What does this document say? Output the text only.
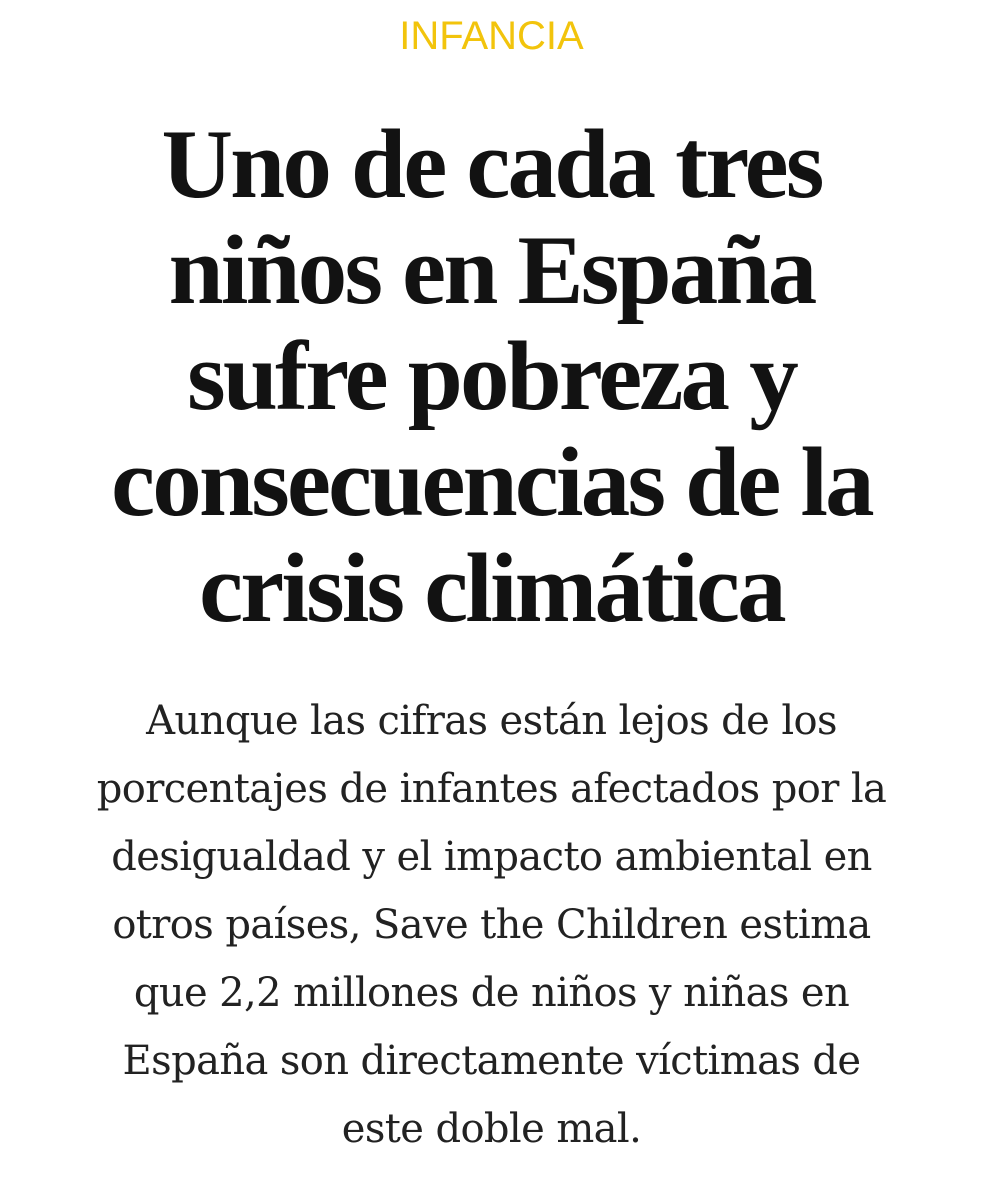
INFANCIA
Uno de cada tres
niños en España
sufre pobreza y
consecuencias de la
crisis climática

Aunque las cifras están lejos de los
porcentajes de infantes afectados por la
desigualdad y el impacto ambiental en
otros países, Save the Children estima
que 2,2 millones de niños y niñas en
España son directamente víctimas de
este doble mal.
